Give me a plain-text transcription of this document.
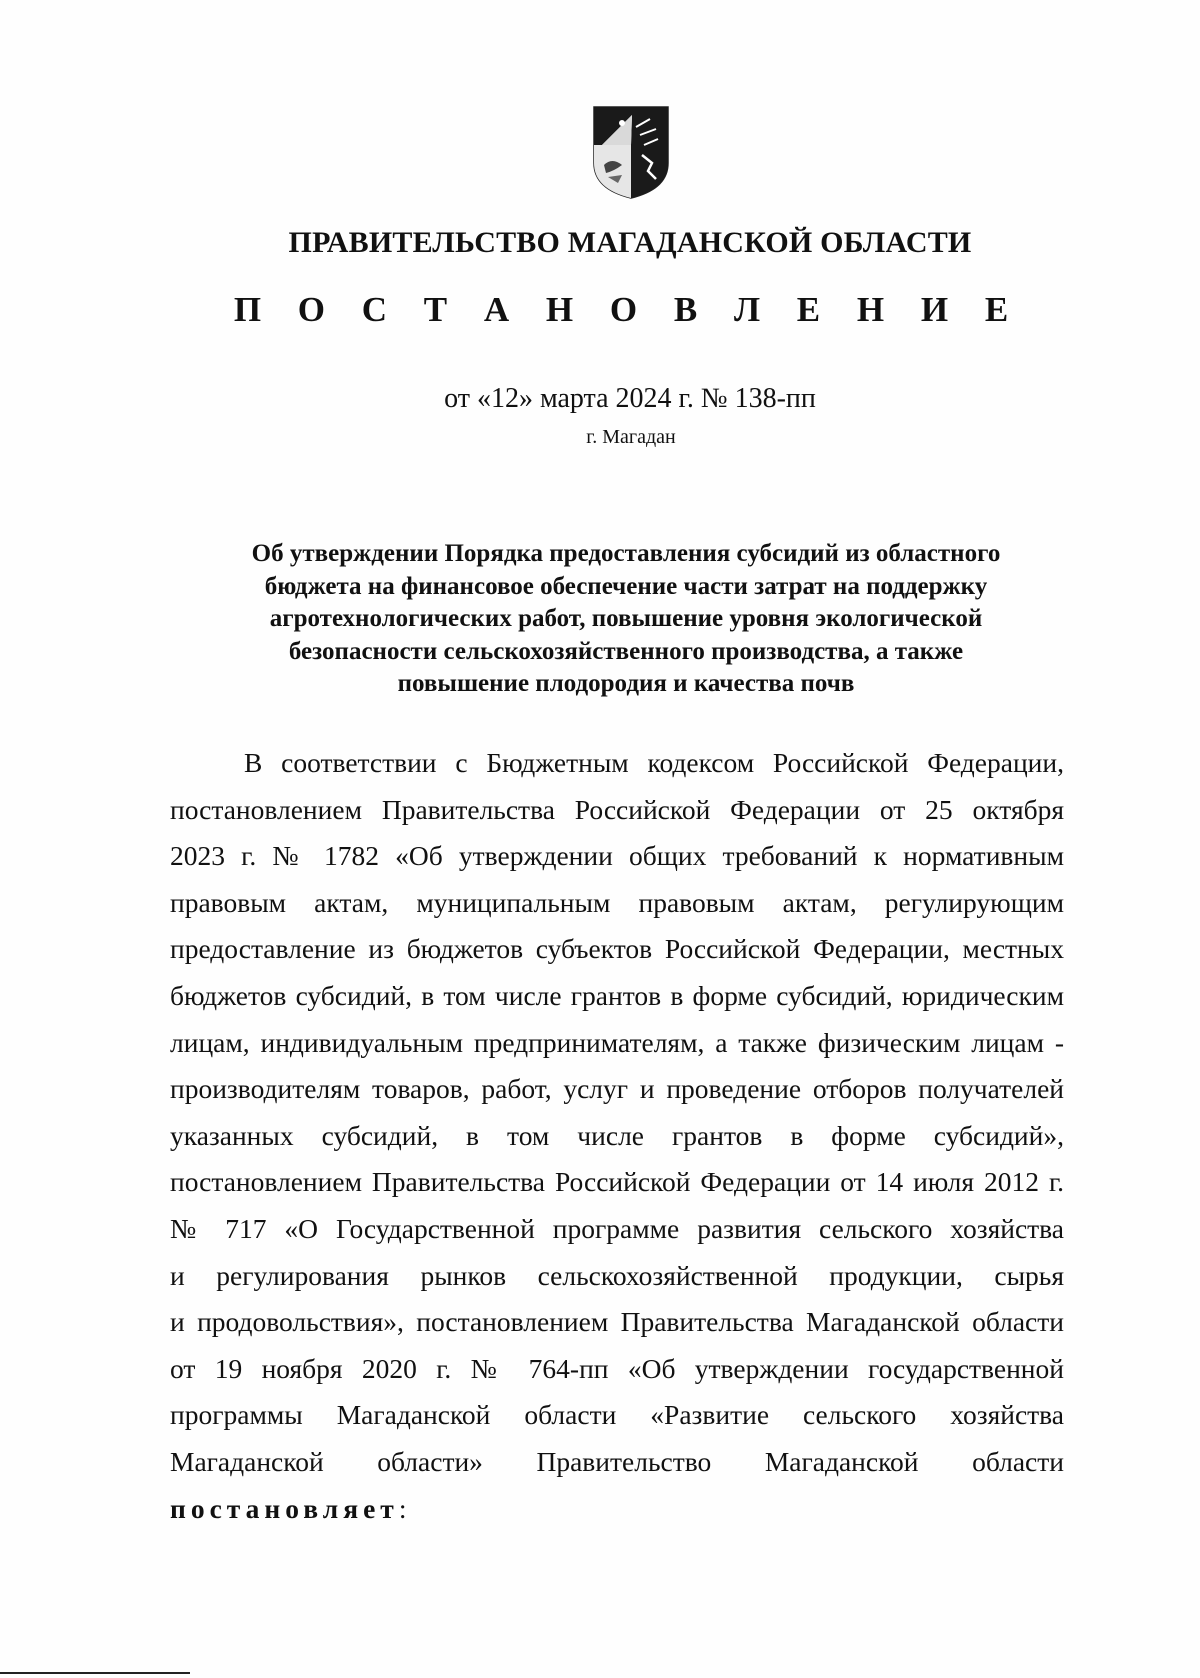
ПРАВИТЕЛЬСТВО МАГАДАНСКОЙ ОБЛАСТИ
П О С Т А Н О В Л Е Н И Е
от «12» марта 2024 г. № 138-пп
г. Магадан
Об утверждении Порядка предоставления субсидий из областного
бюджета на финансовое обеспечение части затрат на поддержку
агротехнологических работ, повышение уровня экологической
безопасности сельскохозяйственного производства, а также
повышение плодородия и качества почв
В соответствии с Бюджетным кодексом Российской Федерации,
постановлением Правительства Российской Федерации от 25 октября
2023 г. № 1782 «Об утверждении общих требований к нормативным
правовым актам, муниципальным правовым актам, регулирующим
предоставление из бюджетов субъектов Российской Федерации, местных
бюджетов субсидий, в том числе грантов в форме субсидий, юридическим
лицам, индивидуальным предпринимателям, а также физическим лицам -
производителям товаров, работ, услуг и проведение отборов получателей
указанных субсидий, в том числе грантов в форме субсидий»,
постановлением Правительства Российской Федерации от 14 июля 2012 г.
№ 717 «О Государственной программе развития сельского хозяйства
и регулирования рынков сельскохозяйственной продукции, сырья
и продовольствия», постановлением Правительства Магаданской области
от 19 ноября 2020 г. № 764-пп «Об утверждении государственной
программы Магаданской области «Развитие сельского хозяйства
Магаданской области» Правительство Магаданской области
постановляет:
